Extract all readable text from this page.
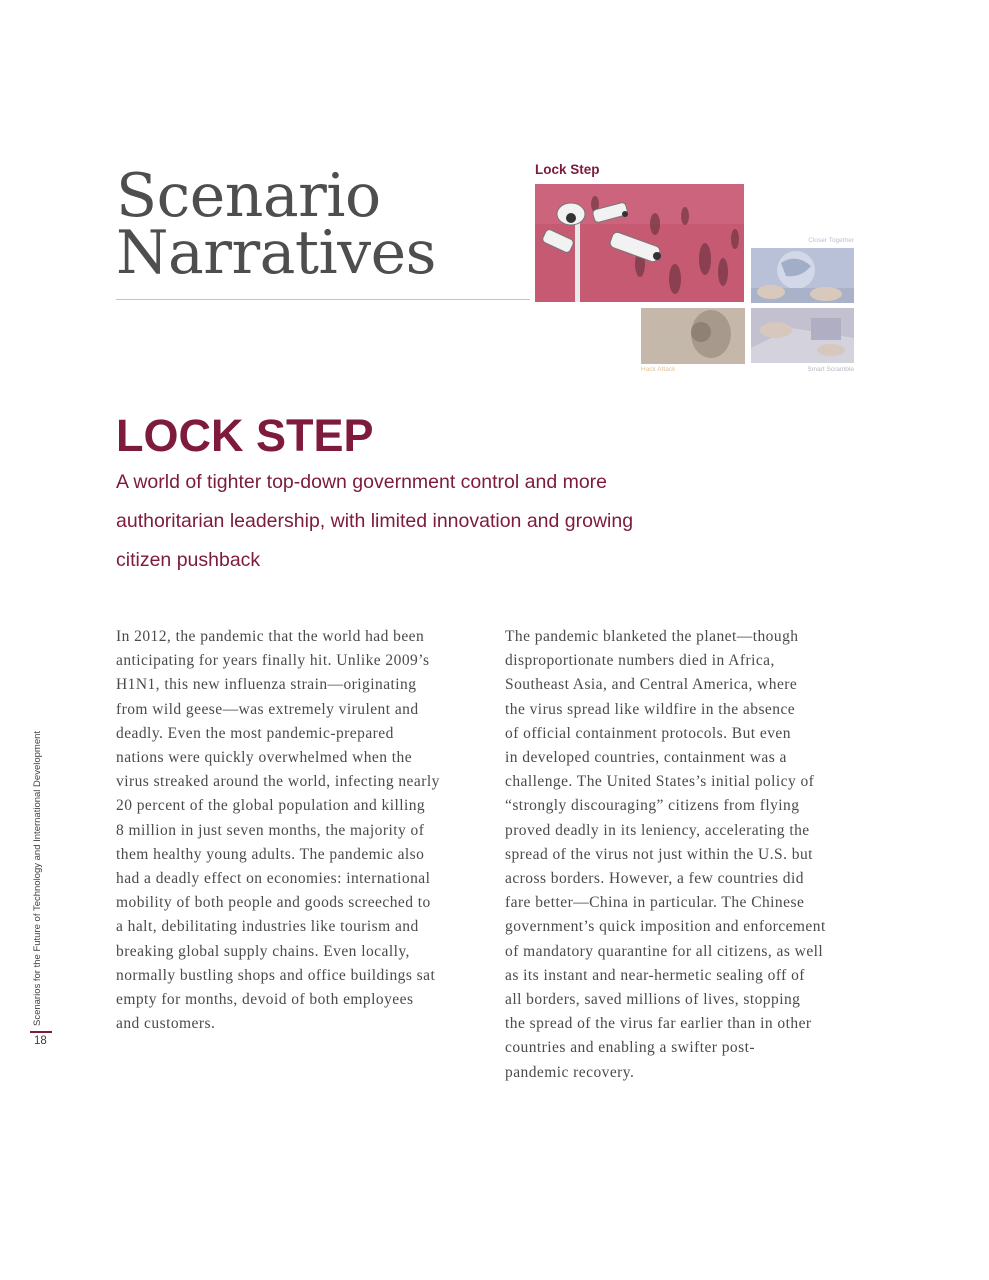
Scenario
Narratives
Lock Step
Closer Together
Hack Attack	Smart Scramble
LOCK STEP

A world of tighter top-down government control and more
authoritarian leadership, with limited innovation and growing
citizen pushback

In 2012, the pandemic that the world had been
anticipating for years finally hit. Unlike 2009’s
H1N1, this new influenza strain—originating
from wild geese—was extremely virulent and
deadly. Even the most pandemic-prepared
nations were quickly overwhelmed when the
virus streaked around the world, infecting nearly
20 percent of the global population and killing
8 million in just seven months, the majority of
them healthy young adults. The pandemic also
had a deadly effect on economies: international
mobility of both people and goods screeched to
a halt, debilitating industries like tourism and
breaking global supply chains. Even locally,
normally bustling shops and office buildings sat
empty for months, devoid of both employees
and customers.

The pandemic blanketed the planet—though
disproportionate numbers died in Africa,
Southeast Asia, and Central America, where
the virus spread like wildfire in the absence
of official containment protocols. But even
in developed countries, containment was a
challenge. The United States’s initial policy of
“strongly discouraging” citizens from flying
proved deadly in its leniency, accelerating the
spread of the virus not just within the U.S. but
across borders. However, a few countries did
fare better—China in particular. The Chinese
government’s quick imposition and enforcement
of mandatory quarantine for all citizens, as well
as its instant and near-hermetic sealing off of
all borders, saved millions of lives, stopping
the spread of the virus far earlier than in other
countries and enabling a swifter post-
pandemic recovery.

Scenarios for the Future of Technology and International Development
18
